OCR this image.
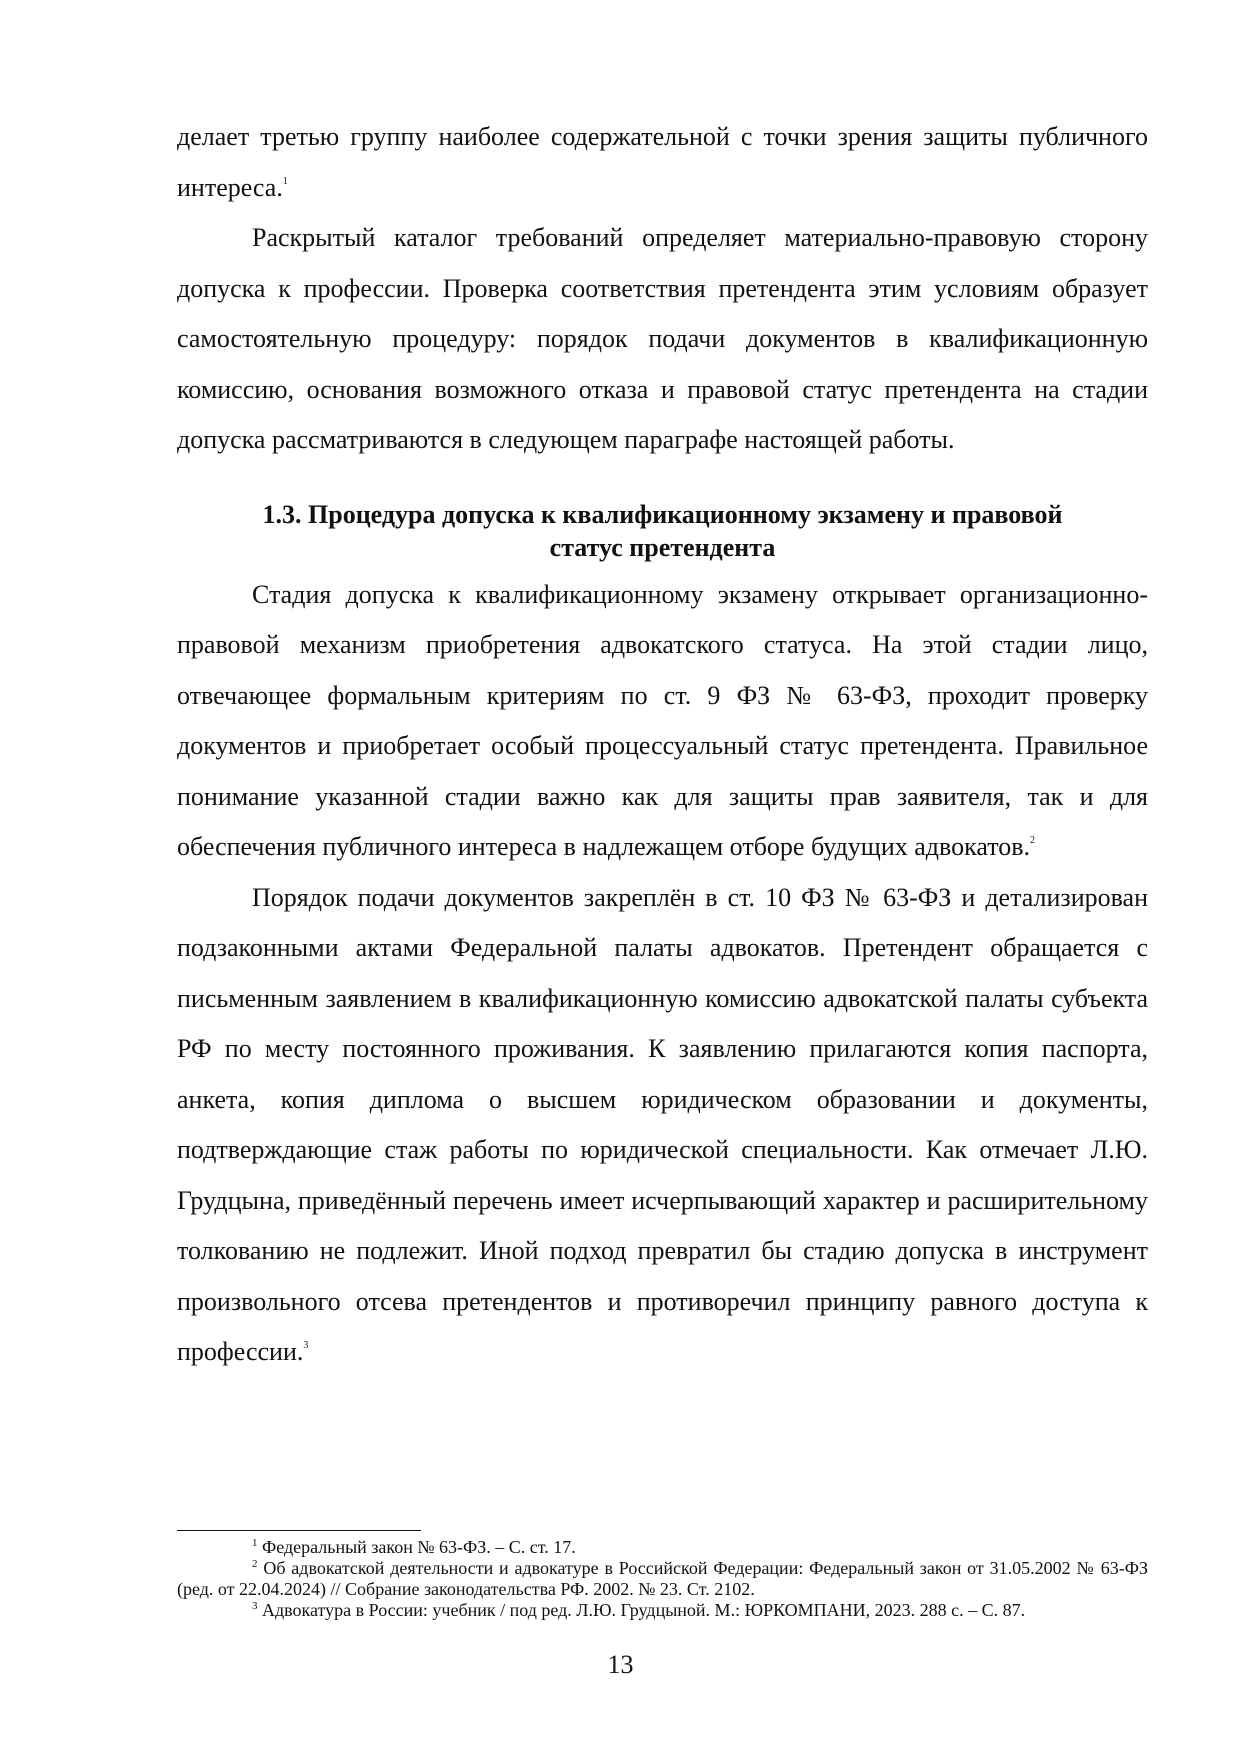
делает третью группу наиболее содержательной с точки зрения защиты публичного интереса.$^1$

Раскрытый каталог требований определяет материально-правовую сторону допуска к профессии. Проверка соответствия претендента этим условиям образует самостоятельную процедуру: порядок подачи документов в квалификационную комиссию, основания возможного отказа и правовой статус претендента на стадии допуска рассматриваются в следующем параграфе настоящей работы.

1.3. Процедура допуска к квалификационному экзамену и правовой
статус претендента

Стадия допуска к квалификационному экзамену открывает организационно-правовой механизм приобретения адвокатского статуса. На этой стадии лицо, отвечающее формальным критериям по ст. 9 ФЗ № 63-ФЗ, проходит проверку документов и приобретает особый процессуальный статус претендента. Правильное понимание указанной стадии важно как для защиты прав заявителя, так и для обеспечения публичного интереса в надлежащем отборе будущих адвокатов.$^2$

Порядок подачи документов закреплён в ст. 10 ФЗ № 63-ФЗ и детализирован подзаконными актами Федеральной палаты адвокатов. Претендент обращается с письменным заявлением в квалификационную комиссию адвокатской палаты субъекта РФ по месту постоянного проживания. К заявлению прилагаются копия паспорта, анкета, копия диплома о высшем юридическом образовании и документы, подтверждающие стаж работы по юридической специальности. Как отмечает Л.Ю. Грудцына, приведённый перечень имеет исчерпывающий характер и расширительному толкованию не подлежит. Иной подход превратил бы стадию допуска в инструмент произвольного отсева претендентов и противоречил принципу равного доступа к профессии.$^3$

$^1$ Федеральный закон № 63-ФЗ. – С. ст. 17.

$^2$ Об адвокатской деятельности и адвокатуре в Российской Федерации: Федеральный закон от 31.05.2002 № 63-ФЗ (ред. от 22.04.2024) // Собрание законодательства РФ. 2002. № 23. Ст. 2102.

$^3$ Адвокатура в России: учебник / под ред. Л.Ю. Грудцыной. М.: ЮРКОМПАНИ, 2023. 288 с. – С. 87.

13
